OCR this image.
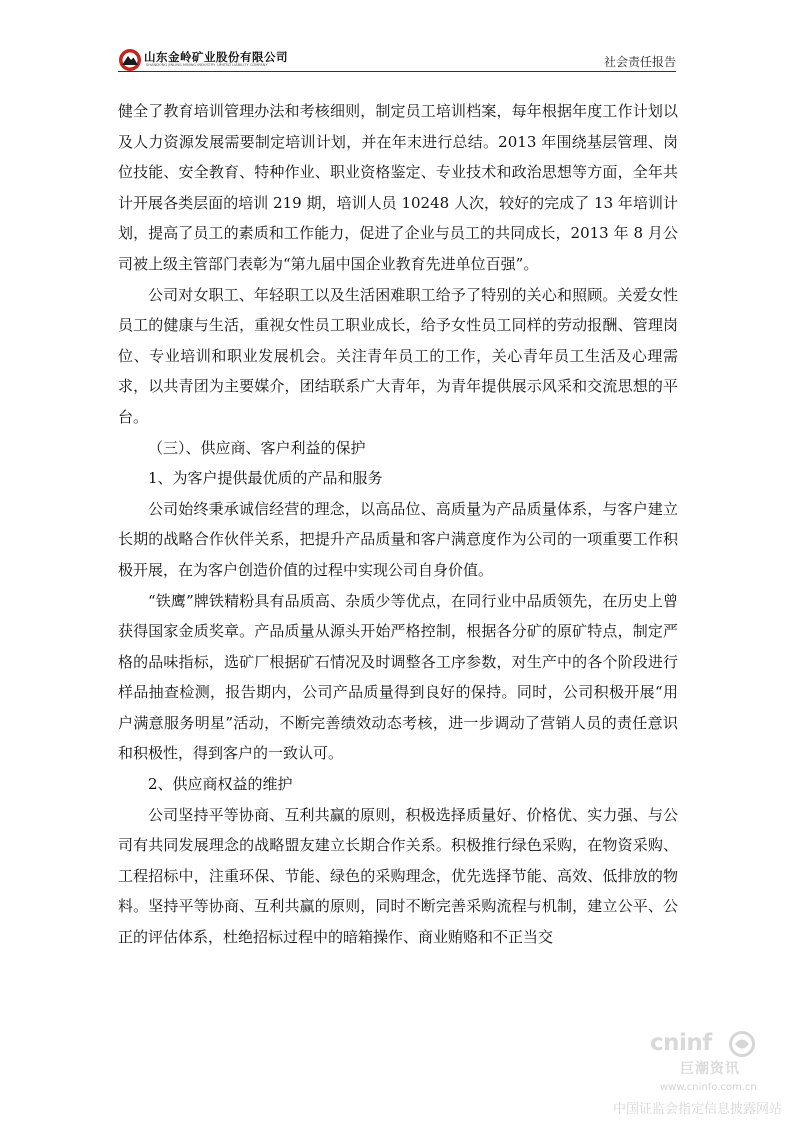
山东金岭矿业股份有限公司
SHANDONG JINLING MINING INDUSTRY LIMITED LIABILITY COMPANY	社会责任报告

健全了教育培训管理办法和考核细则，制定员工培训档案，每年根据年度工作计划以及人力资源发展需要制定培训计划，并在年末进行总结。2013 年围绕基层管理、岗位技能、安全教育、特种作业、职业资格鉴定、专业技术和政治思想等方面，全年共计开展各类层面的培训 219 期，培训人员 10248 人次，较好的完成了 13 年培训计划，提高了员工的素质和工作能力，促进了企业与员工的共同成长，2013 年 8 月公司被上级主管部门表彰为“第九届中国企业教育先进单位百强”。

公司对女职工、年轻职工以及生活困难职工给予了特别的关心和照顾。关爱女性员工的健康与生活，重视女性员工职业成长，给予女性员工同样的劳动报酬、管理岗位、专业培训和职业发展机会。关注青年员工的工作，关心青年员工生活及心理需求，以共青团为主要媒介，团结联系广大青年，为青年提供展示风采和交流思想的平台。

（三）、供应商、客户利益的保护

1、为客户提供最优质的产品和服务

公司始终秉承诚信经营的理念，以高品位、高质量为产品质量体系，与客户建立长期的战略合作伙伴关系，把提升产品质量和客户满意度作为公司的一项重要工作积极开展，在为客户创造价值的过程中实现公司自身价值。

“铁鹰”牌铁精粉具有品质高、杂质少等优点，在同行业中品质领先，在历史上曾获得国家金质奖章。产品质量从源头开始严格控制，根据各分矿的原矿特点，制定严格的品味指标，选矿厂根据矿石情况及时调整各工序参数，对生产中的各个阶段进行样品抽查检测，报告期内，公司产品质量得到良好的保持。同时，公司积极开展“用户满意服务明星”活动，不断完善绩效动态考核，进一步调动了营销人员的责任意识和积极性，得到客户的一致认可。

2、供应商权益的维护

公司坚持平等协商、互利共赢的原则，积极选择质量好、价格优、实力强、与公司有共同发展理念的战略盟友建立长期合作关系。积极推行绿色采购，在物资采购、工程招标中，注重环保、节能、绿色的采购理念，优先选择节能、高效、低排放的物料。坚持平等协商、互利共赢的原则，同时不断完善采购流程与机制，建立公平、公正的评估体系，杜绝招标过程中的暗箱操作、商业贿赂和不正当交

cninf
巨潮资讯
www.cninfo.com.cn
中国证监会指定信息披露网站
